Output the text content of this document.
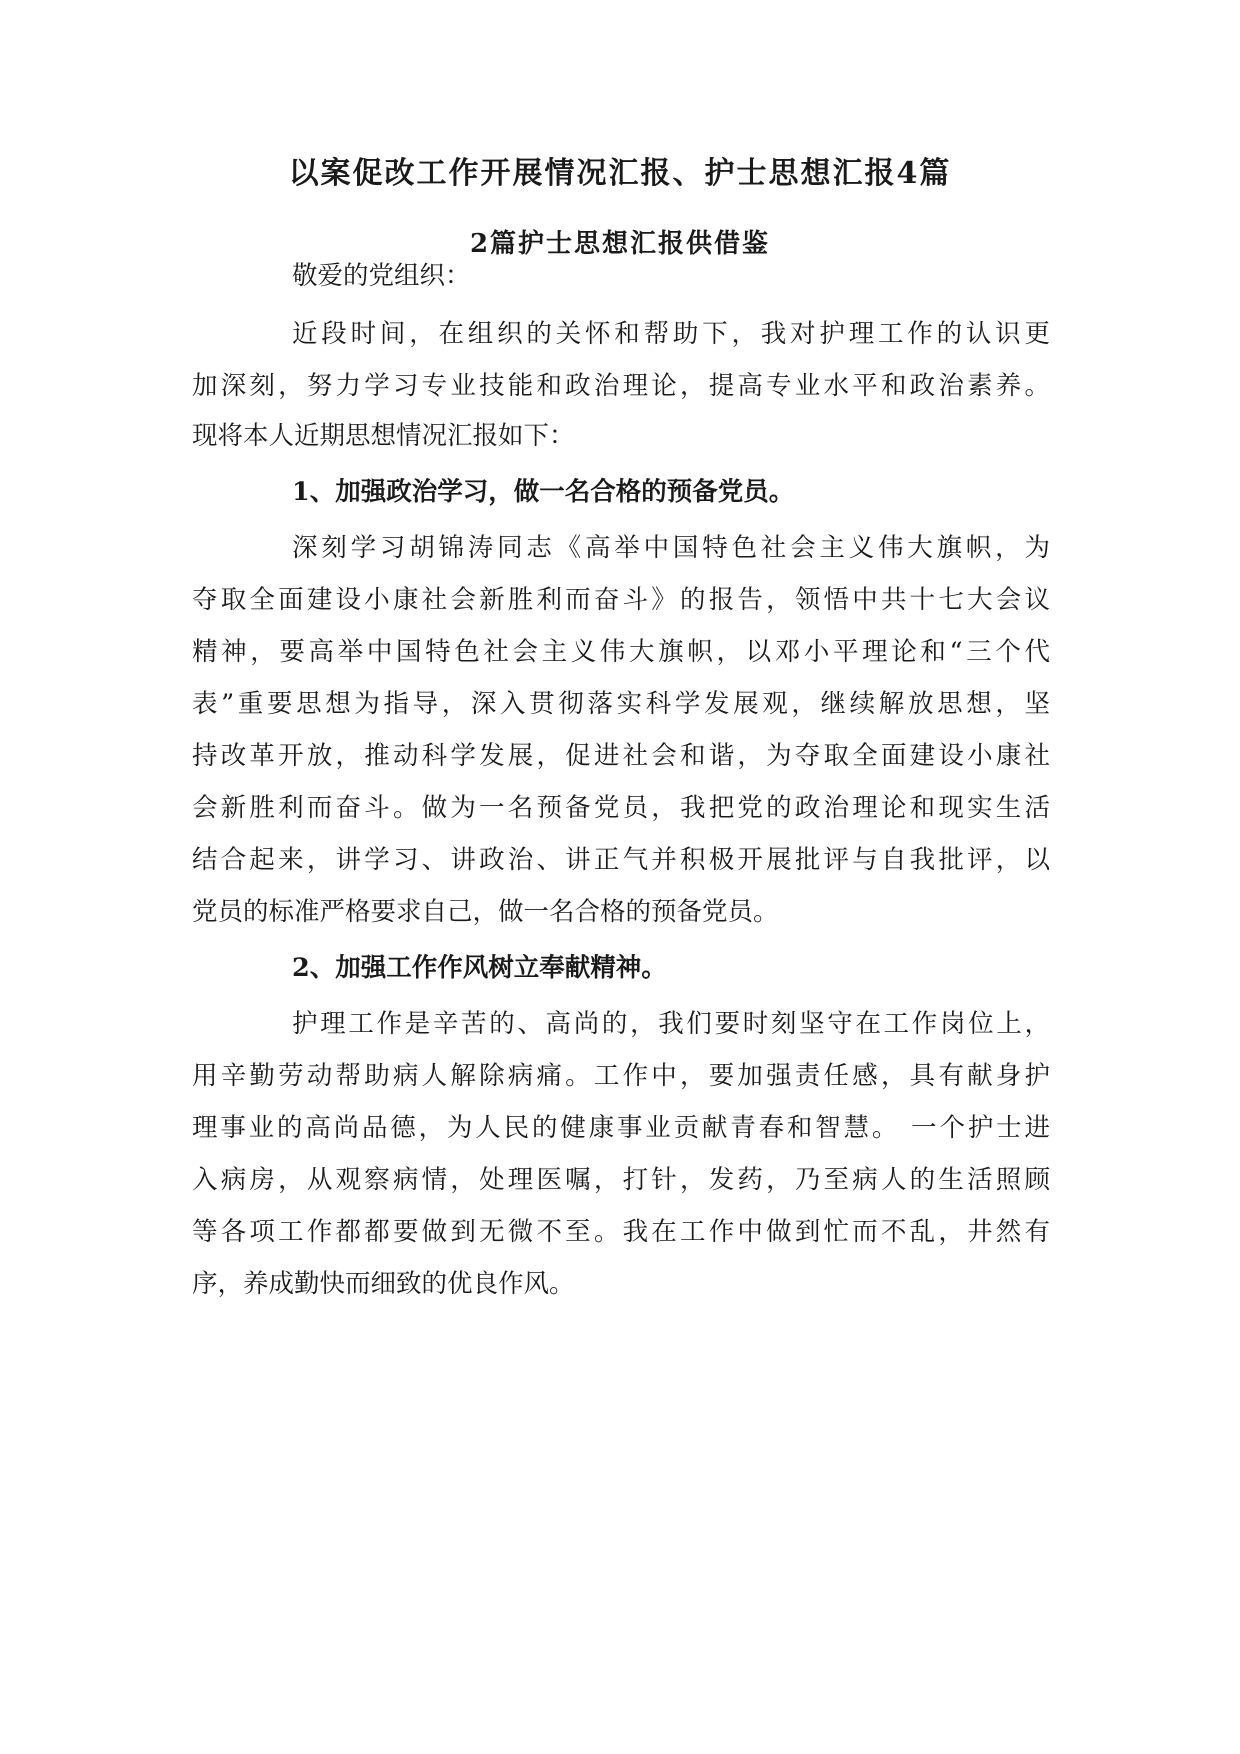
以案促改工作开展情况汇报、护士思想汇报4篇
2篇护士思想汇报供借鉴
敬爱的党组织：
近段时间，在组织的关怀和帮助下，我对护理工作的认识更
加深刻，努力学习专业技能和政治理论，提高专业水平和政治素养。
现将本人近期思想情况汇报如下：
1、加强政治学习，做一名合格的预备党员。
深刻学习胡锦涛同志《高举中国特色社会主义伟大旗帜，为
夺取全面建设小康社会新胜利而奋斗》的报告，领悟中共十七大会议
精神，要高举中国特色社会主义伟大旗帜，以邓小平理论和“三个代
表”重要思想为指导，深入贯彻落实科学发展观，继续解放思想，坚
持改革开放，推动科学发展，促进社会和谐，为夺取全面建设小康社
会新胜利而奋斗。做为一名预备党员，我把党的政治理论和现实生活
结合起来，讲学习、讲政治、讲正气并积极开展批评与自我批评，以
党员的标准严格要求自己，做一名合格的预备党员。
2、加强工作作风树立奉献精神。
护理工作是辛苦的、高尚的，我们要时刻坚守在工作岗位上，
用辛勤劳动帮助病人解除病痛。工作中，要加强责任感，具有献身护
理事业的高尚品德，为人民的健康事业贡献青春和智慧。 一个护士进
入病房，从观察病情，处理医嘱，打针，发药，乃至病人的生活照顾
等各项工作都都要做到无微不至。我在工作中做到忙而不乱，井然有
序，养成勤快而细致的优良作风。
